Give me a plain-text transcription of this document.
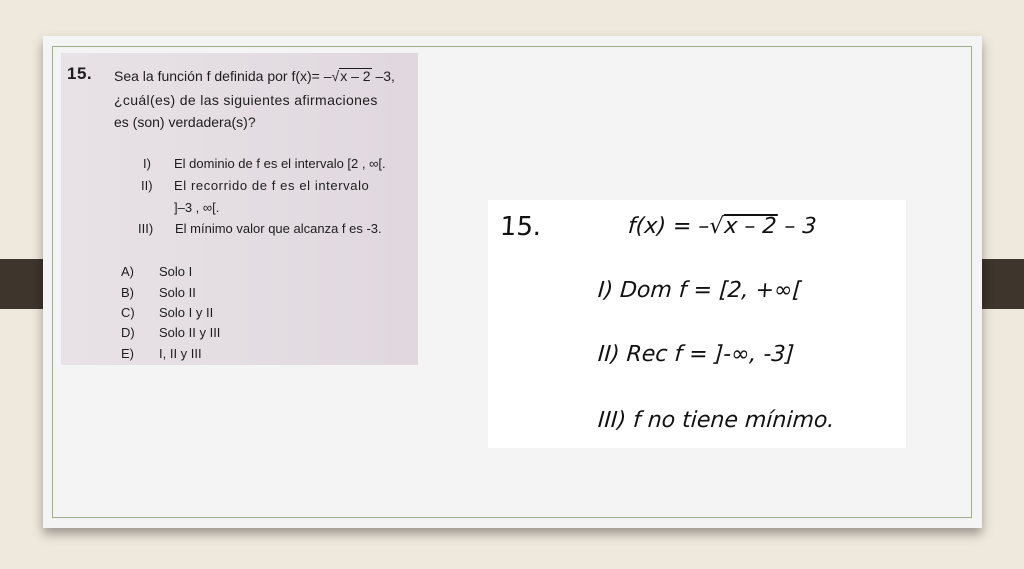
15. Sea la función f definida por f(x)= –√x – 2 –3,
¿cuál(es) de las siguientes afirmaciones
es (son) verdadera(s)?
I) El dominio de f es el intervalo [2 , ∞[.
II) El recorrido de f es el intervalo
]–3 , ∞[.
III) El mínimo valor que alcanza f es -3.
A) Solo I
B) Solo II
C) Solo I y II
D) Solo II y III
E) I, II y III
15.	f(x) = –√x – 2 – 3
I) Dom f = [2, +∞[
II) Rec f = ]-∞, -3]
III) f no tiene mínimo.
